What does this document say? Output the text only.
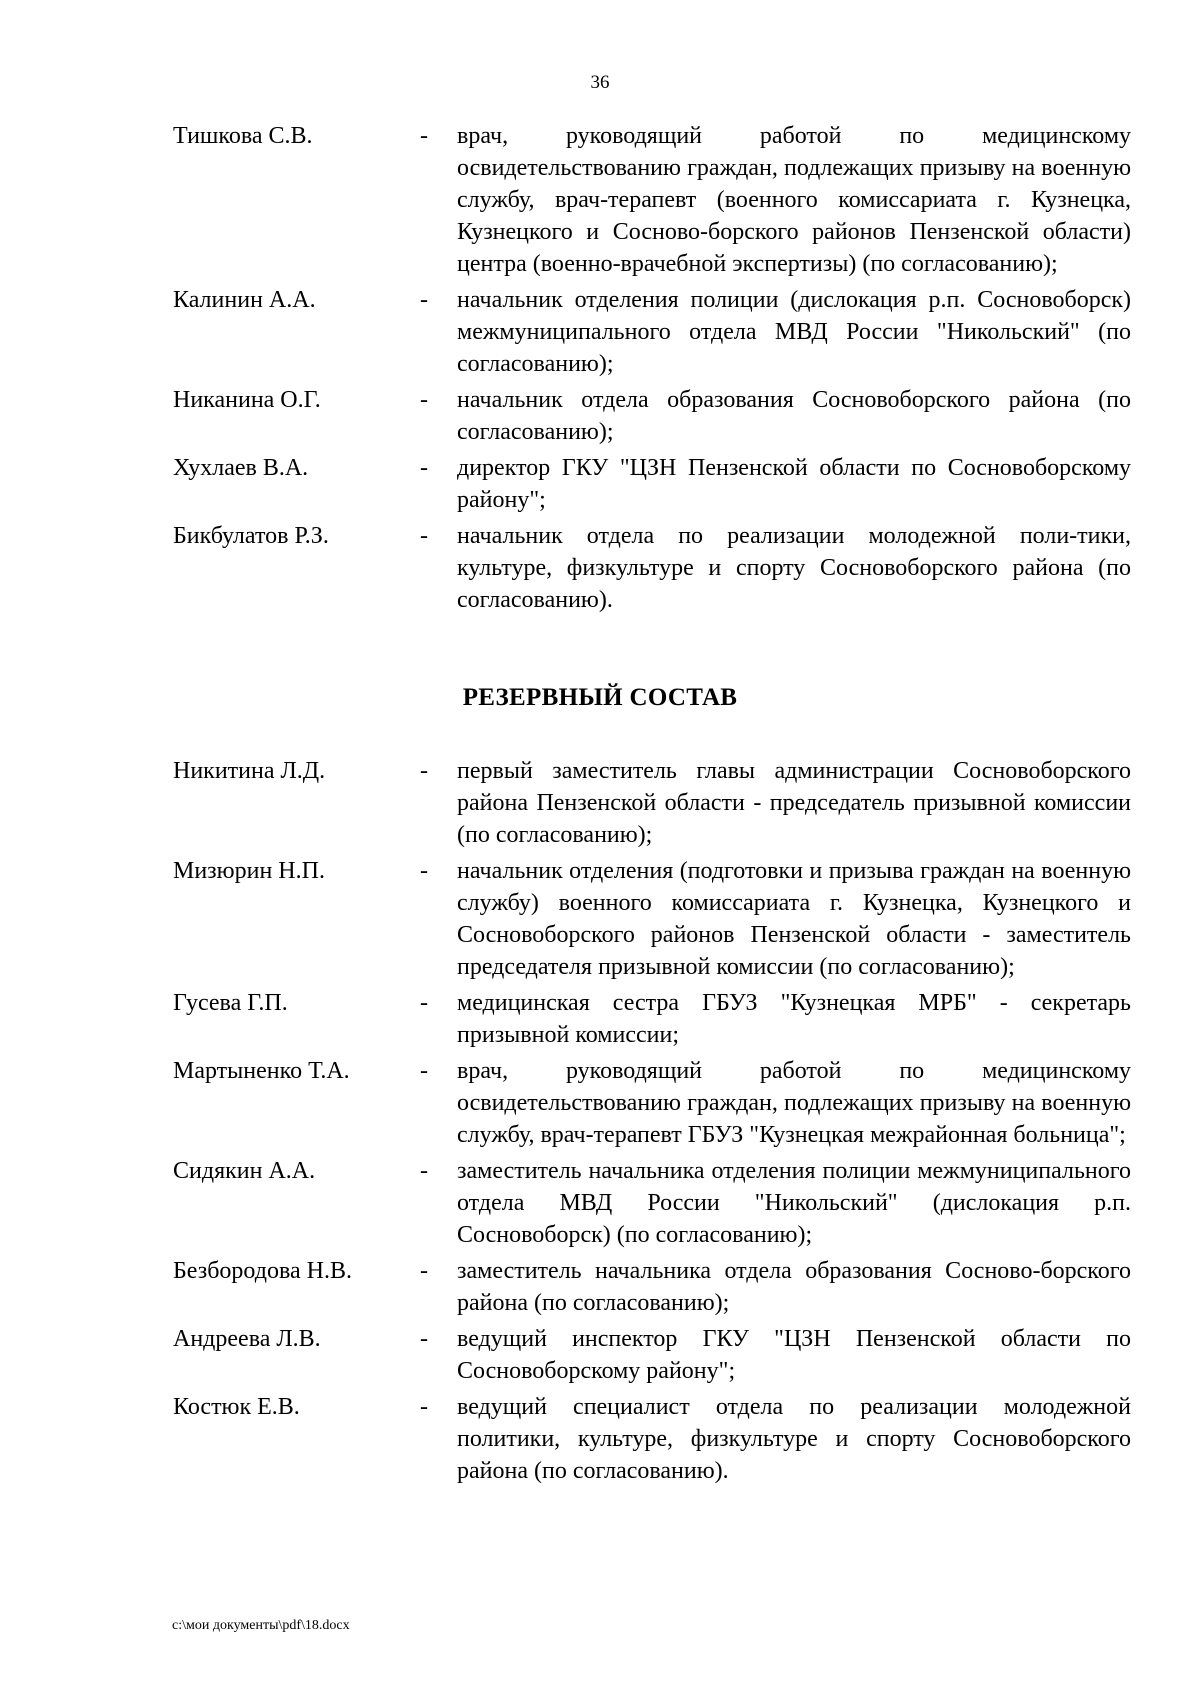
36
Тишкова С.В.	-	врач, руководящий работой по медицинскому освидетельствованию граждан, подлежащих призыву на военную службу, врач-терапевт (военного комиссариата г. Кузнецка, Кузнецкого и Сосново-борского районов Пензенской области) центра (военно-врачебной экспертизы) (по согласованию);
Калинин А.А.	-	начальник отделения полиции (дислокация р.п. Сосновоборск) межмуниципального отдела МВД России "Никольский" (по согласованию);
Никанина О.Г.	-	начальник отдела образования Сосновоборского района (по согласованию);
Хухлаев В.А.	-	директор ГКУ "ЦЗН Пензенской области по Сосновоборскому району";
Бикбулатов Р.З.	-	начальник отдела по реализации молодежной поли-тики, культуре, физкультуре и спорту Сосновоборского района (по согласованию).
РЕЗЕРВНЫЙ СОСТАВ
Никитина Л.Д.	-	первый заместитель главы администрации Сосновоборского района Пензенской области - председатель призывной комиссии (по согласованию);
Мизюрин Н.П.	-	начальник отделения (подготовки и призыва граждан на военную службу) военного комиссариата г. Кузнецка, Кузнецкого и Сосновоборского районов Пензенской области - заместитель председателя призывной комиссии (по согласованию);
Гусева Г.П.	-	медицинская сестра ГБУЗ "Кузнецкая МРБ" - секретарь призывной комиссии;
Мартыненко Т.А.	-	врач, руководящий работой по медицинскому освидетельствованию граждан, подлежащих призыву на военную службу, врач-терапевт ГБУЗ "Кузнецкая межрайонная больница";
Сидякин А.А.	-	заместитель начальника отделения полиции межмуниципального отдела МВД России "Никольский" (дислокация р.п. Сосновоборск) (по согласованию);
Безбородова Н.В.	-	заместитель начальника отдела образования Сосново-борского района (по согласованию);
Андреева Л.В.	-	ведущий инспектор ГКУ "ЦЗН Пензенской области по Сосновоборскому району";
Костюк Е.В.	-	ведущий специалист отдела по реализации молодежной политики, культуре, физкультуре и спорту Сосновоборского района (по согласованию).
c:\мои документы\pdf\18.docx
